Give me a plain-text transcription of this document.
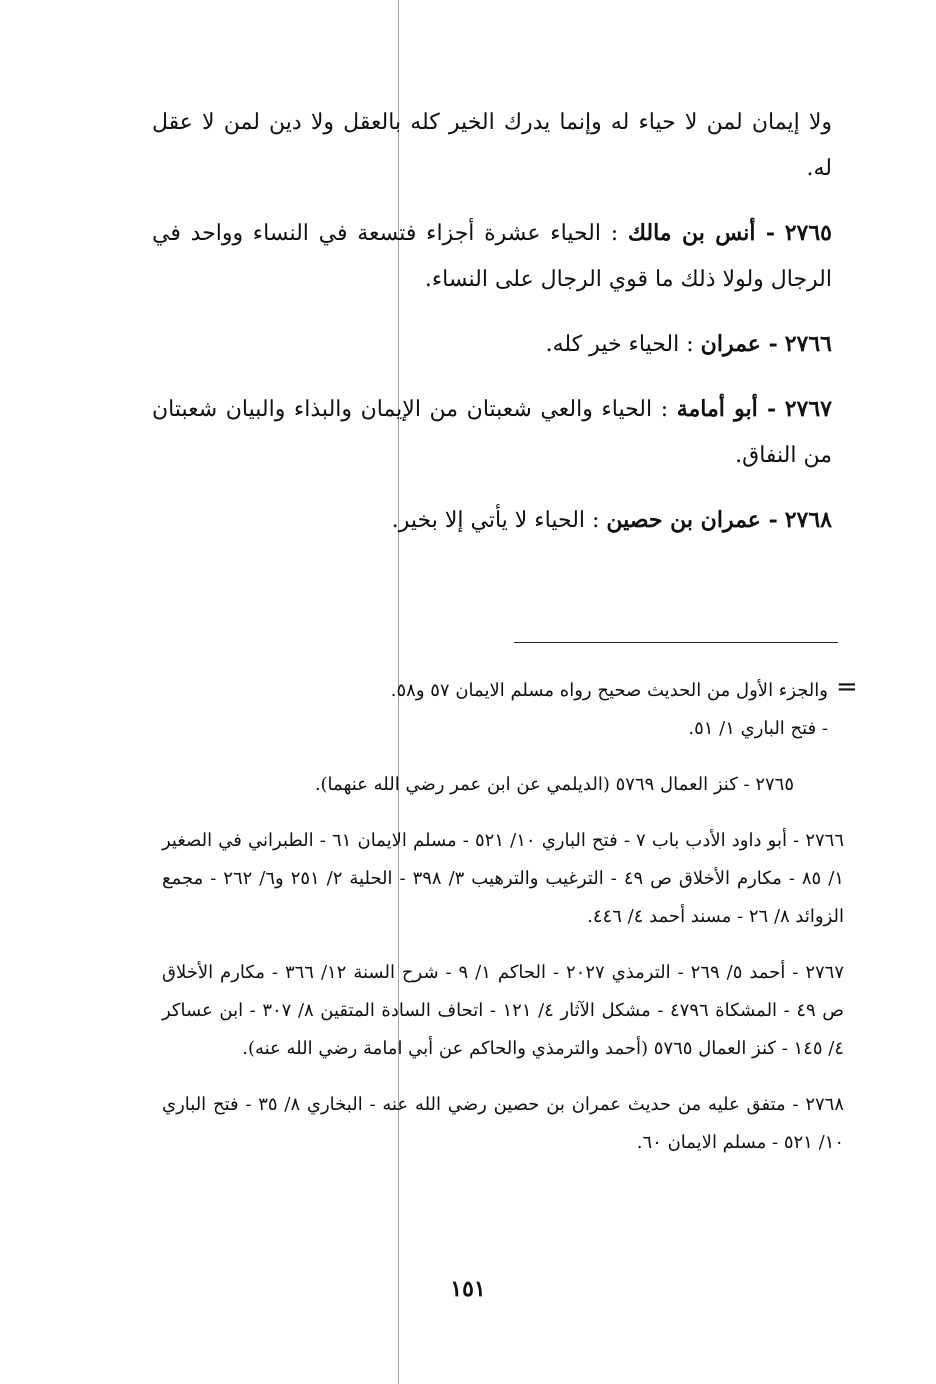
ولا إيمان لمن لا حياء له وإنما يدرك الخير كله بالعقل ولا دين لمن لا عقل له.

٢٧٦٥ - أنس بن مالك : الحياء عشرة أجزاء فتسعة في النساء وواحد في الرجال ولولا ذلك ما قوي الرجال على النساء.

٢٧٦٦ - عمران : الحياء خير كله.

٢٧٦٧ - أبو أمامة : الحياء والعي شعبتان من الإيمان والبذاء والبيان شعبتان من النفاق.

٢٧٦٨ - عمران بن حصين : الحياء لا يأتي إلا بخير.

=

والجزء الأول من الحديث صحيح رواه مسلم الايمان ٥٧ و٥٨.
- فتح الباري ١/ ٥١.

٢٧٦٥ - كنز العمال ٥٧٦٩ (الديلمي عن ابن عمر رضي الله عنهما).

٢٧٦٦ - أبو داود الأدب باب ٧ - فتح الباري ١٠/ ٥٢١ - مسلم الايمان ٦١ - الطبراني في الصغير ١/ ٨٥ - مكارم الأخلاق ص ٤٩ - الترغيب والترهيب ٣/ ٣٩٨ - الحلية ٢/ ٢٥١ و٦/ ٢٦٢ - مجمع الزوائد ٨/ ٢٦ - مسند أحمد ٤/ ٤٤٦.

٢٧٦٧ - أحمد ٥/ ٢٦٩ - الترمذي ٢٠٢٧ - الحاكم ١/ ٩ - شرح السنة ١٢/ ٣٦٦ - مكارم الأخلاق ص ٤٩ - المشكاة ٤٧٩٦ - مشكل الآثار ٤/ ١٢١ - اتحاف السادة المتقين ٨/ ٣٠٧ - ابن عساكر ٤/ ١٤٥ - كنز العمال ٥٧٦٥ (أحمد والترمذي والحاكم عن أبي امامة رضي الله عنه).

٢٧٦٨ - متفق عليه من حديث عمران بن حصين رضي الله عنه - البخاري ٨/ ٣٥ - فتح الباري ١٠/ ٥٢١ - مسلم الايمان ٦٠.

١٥١
